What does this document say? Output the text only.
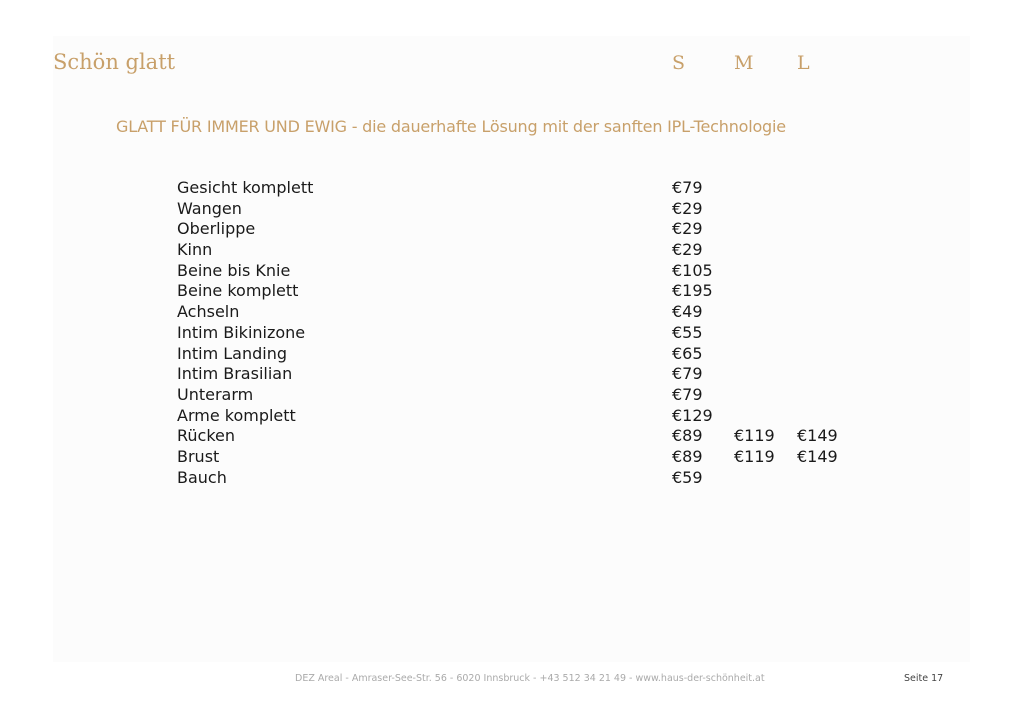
Schön glatt	S	M L
GLATT FÜR IMMER UND EWIG - die dauerhafte Lösung mit der sanften IPL-Technologie
Gesicht komplett	€79
Wangen	€29
Oberlippe	€29
Kinn	€29
Beine bis Knie	€105
Beine komplett	€195
Achseln	€49
Intim Bikinizone	€55
Intim Landing	€65
Intim Brasilian	€79
Unterarm	€79
Arme komplett	€129
Rücken	€89 €119 €149
Brust	€89 €119 €149
Bauch	€59
DEZ Areal - Amraser-See-Str. 56 - 6020 Innsbruck - +43 512 34 21 49 - www.haus-der-schönheit.at	Seite 17
